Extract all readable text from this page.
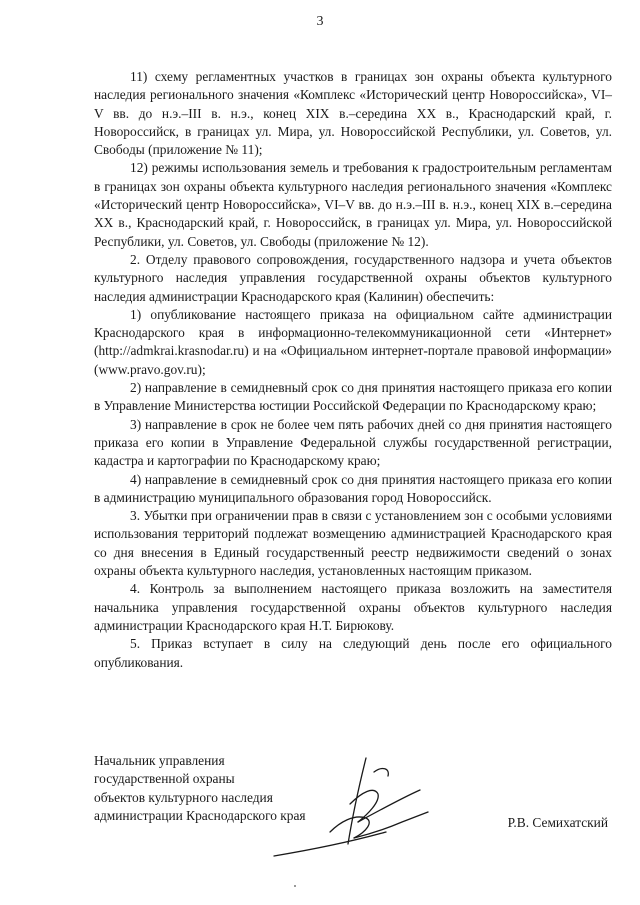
3

11) схему регламентных участков в границах зон охраны объекта культурного наследия регионального значения «Комплекс «Исторический центр Новороссийска», VI–V вв. до н.э.–III в. н.э., конец XIX в.–середина XX в., Краснодарский край, г. Новороссийск, в границах ул. Мира, ул. Новороссийской Республики, ул. Советов, ул. Свободы (приложение № 11);

12) режимы использования земель и требования к градостроительным регламентам в границах зон охраны объекта культурного наследия регионального значения «Комплекс «Исторический центр Новороссийска», VI–V вв. до н.э.–III в. н.э., конец XIX в.–середина XX в., Краснодарский край, г. Новороссийск, в границах ул. Мира, ул. Новороссийской Республики, ул. Советов, ул. Свободы (приложение № 12).

2. Отделу правового сопровождения, государственного надзора и учета объектов культурного наследия управления государственной охраны объектов культурного наследия администрации Краснодарского края (Калинин) обеспечить:

1) опубликование настоящего приказа на официальном сайте администрации Краснодарского края в информационно-телекоммуникационной сети «Интернет» (http://admkrai.krasnodar.ru) и на «Официальном интернет-портале правовой информации» (www.pravo.gov.ru);

2) направление в семидневный срок со дня принятия настоящего приказа его копии в Управление Министерства юстиции Российской Федерации по Краснодарскому краю;

3) направление в срок не более чем пять рабочих дней со дня принятия настоящего приказа его копии в Управление Федеральной службы государственной регистрации, кадастра и картографии по Краснодарскому краю;

4) направление в семидневный срок со дня принятия настоящего приказа его копии в администрацию муниципального образования город Новороссийск.

3. Убытки при ограничении прав в связи с установлением зон с особыми условиями использования территорий подлежат возмещению администрацией Краснодарского края со дня внесения в Единый государственный реестр недвижимости сведений о зонах охраны объекта культурного наследия, установленных настоящим приказом.

4. Контроль за выполнением настоящего приказа возложить на заместителя начальника управления государственной охраны объектов культурного наследия администрации Краснодарского края Н.Т. Бирюкову.

5. Приказ вступает в силу на следующий день после его официального опубликования.

Начальник управления
государственной охраны
объектов культурного наследия
администрации Краснодарского края	Р.В. Семихатский
